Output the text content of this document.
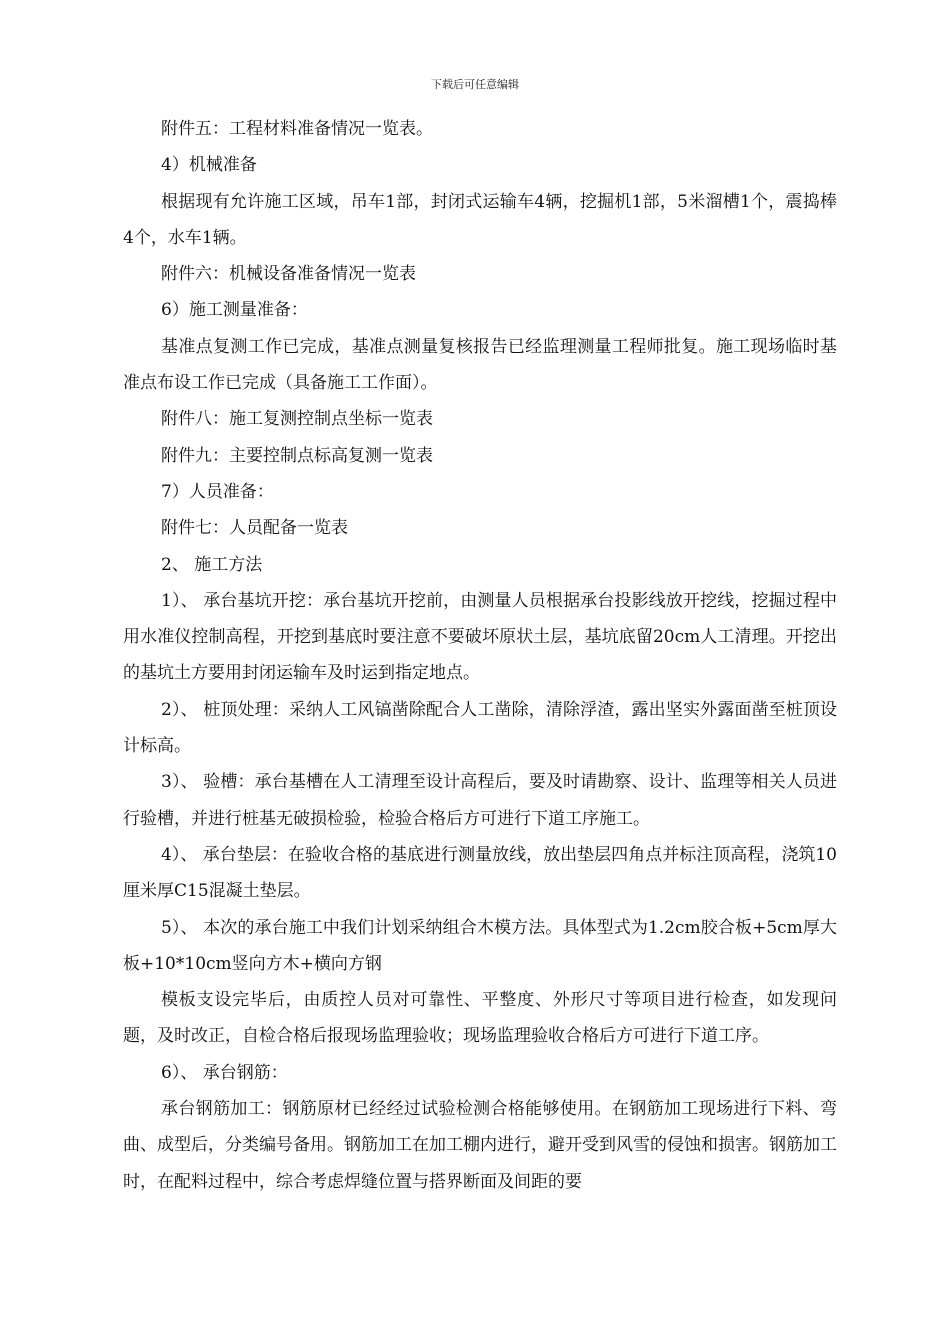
下载后可任意编辑

附件五：工程材料准备情况一览表。

4）机械准备

根据现有允许施工区域，吊车1部，封闭式运输车4辆，挖掘机1部，5米溜槽1个，震捣棒4个，水车1辆。

附件六：机械设备准备情况一览表

6）施工测量准备：

基准点复测工作已完成，基准点测量复核报告已经监理测量工程师批复。施工现场临时基准点布设工作已完成（具备施工工作面）。

附件八：施工复测控制点坐标一览表

附件九：主要控制点标高复测一览表

7）人员准备：

附件七：人员配备一览表

2、 施工方法

1）、 承台基坑开挖：承台基坑开挖前，由测量人员根据承台投影线放开挖线，挖掘过程中用水准仪控制高程，开挖到基底时要注意不要破坏原状土层，基坑底留20cm人工清理。开挖出的基坑土方要用封闭运输车及时运到指定地点。

2）、 桩顶处理：采纳人工风镐凿除配合人工凿除，清除浮渣，露出坚实外露面凿至桩顶设计标高。

3）、 验槽：承台基槽在人工清理至设计高程后，要及时请勘察、设计、监理等相关人员进行验槽，并进行桩基无破损检验，检验合格后方可进行下道工序施工。

4）、 承台垫层：在验收合格的基底进行测量放线，放出垫层四角点并标注顶高程，浇筑10厘米厚C15混凝土垫层。

5）、 本次的承台施工中我们计划采纳组合木模方法。具体型式为1.2cm胶合板+5cm厚大板+10*10cm竖向方木+横向方钢

模板支设完毕后，由质控人员对可靠性、平整度、外形尺寸等项目进行检查，如发现问题，及时改正，自检合格后报现场监理验收；现场监理验收合格后方可进行下道工序。

6）、 承台钢筋：

承台钢筋加工：钢筋原材已经经过试验检测合格能够使用。在钢筋加工现场进行下料、弯曲、成型后，分类编号备用。钢筋加工在加工棚内进行，避开受到风雪的侵蚀和损害。钢筋加工时，在配料过程中，综合考虑焊缝位置与搭界断面及间距的要
